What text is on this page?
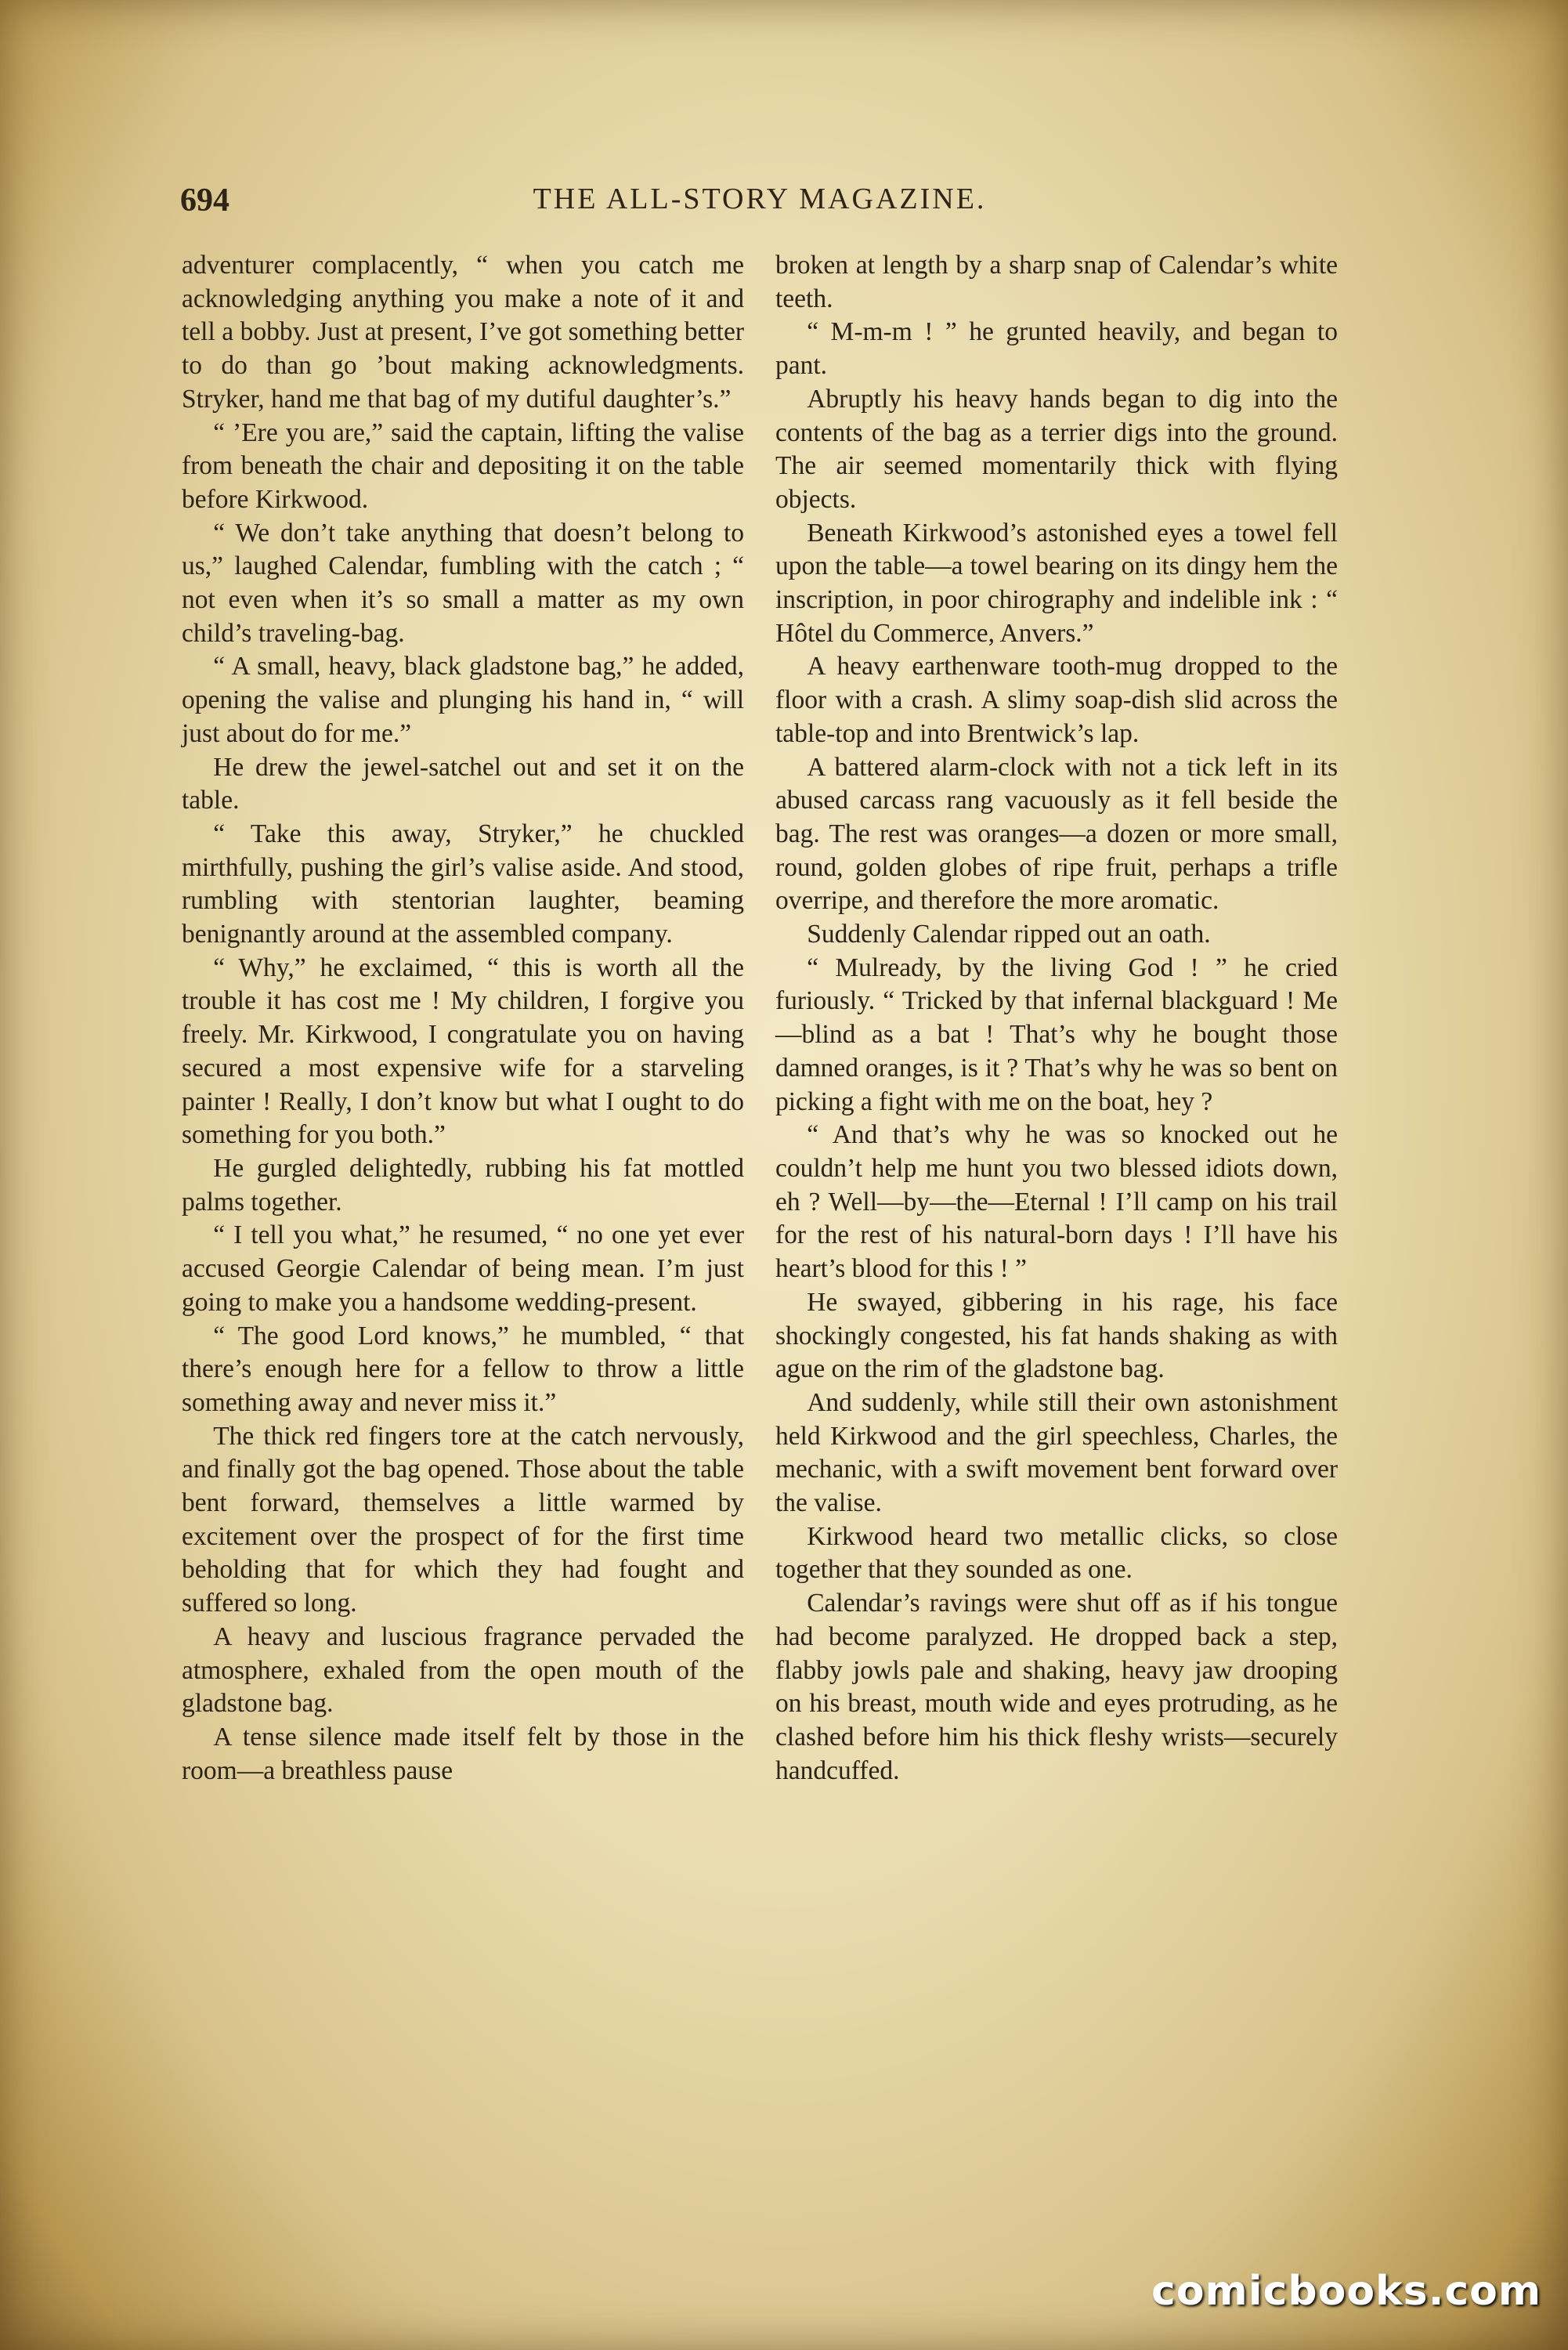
694	THE ALL-STORY MAGAZINE.

adventurer complacently, “ when you catch me acknowledging anything you make a note of it and tell a bobby. Just at present, I’ve got something better to do than go ’bout making acknowledgments. Stryker, hand me that bag of my dutiful daughter’s.”

“ ’Ere you are,” said the captain, lifting the valise from beneath the chair and depositing it on the table before Kirkwood.

“ We don’t take anything that doesn’t belong to us,” laughed Calendar, fumbling with the catch ; “ not even when it’s so small a matter as my own child’s traveling-bag.

“ A small, heavy, black gladstone bag,” he added, opening the valise and plunging his hand in, “ will just about do for me.”

He drew the jewel-satchel out and set it on the table.

“ Take this away, Stryker,” he chuckled mirthfully, pushing the girl’s valise aside. And stood, rumbling with stentorian laughter, beaming benignantly around at the assembled company.

“ Why,” he exclaimed, “ this is worth all the trouble it has cost me ! My children, I forgive you freely. Mr. Kirkwood, I congratulate you on having secured a most expensive wife for a starveling painter ! Really, I don’t know but what I ought to do something for you both.”

He gurgled delightedly, rubbing his fat mottled palms together.

“ I tell you what,” he resumed, “ no one yet ever accused Georgie Calendar of being mean. I’m just going to make you a handsome wedding-present.

“ The good Lord knows,” he mumbled, “ that there’s enough here for a fellow to throw a little something away and never miss it.”

The thick red fingers tore at the catch nervously, and finally got the bag opened. Those about the table bent forward, themselves a little warmed by excitement over the prospect of for the first time beholding that for which they had fought and suffered so long.

A heavy and luscious fragrance pervaded the atmosphere, exhaled from the open mouth of the gladstone bag.

A tense silence made itself felt by those in the room—a breathless pause

broken at length by a sharp snap of Calendar’s white teeth.

“ M-m-m ! ” he grunted heavily, and began to pant.

Abruptly his heavy hands began to dig into the contents of the bag as a terrier digs into the ground. The air seemed momentarily thick with flying objects.

Beneath Kirkwood’s astonished eyes a towel fell upon the table—a towel bearing on its dingy hem the inscription, in poor chirography and indelible ink : “ Hôtel du Commerce, Anvers.”

A heavy earthenware tooth-mug dropped to the floor with a crash. A slimy soap-dish slid across the table-top and into Brentwick’s lap.

A battered alarm-clock with not a tick left in its abused carcass rang vacuously as it fell beside the bag. The rest was oranges—a dozen or more small, round, golden globes of ripe fruit, perhaps a trifle overripe, and therefore the more aromatic.

Suddenly Calendar ripped out an oath.

“ Mulready, by the living God ! ” he cried furiously. “ Tricked by that infernal blackguard ! Me—blind as a bat ! That’s why he bought those damned oranges, is it ? That’s why he was so bent on picking a fight with me on the boat, hey ?

“ And that’s why he was so knocked out he couldn’t help me hunt you two blessed idiots down, eh ? Well—by—the—Eternal ! I’ll camp on his trail for the rest of his natural-born days ! I’ll have his heart’s blood for this ! ”

He swayed, gibbering in his rage, his face shockingly congested, his fat hands shaking as with ague on the rim of the gladstone bag.

And suddenly, while still their own astonishment held Kirkwood and the girl speechless, Charles, the mechanic, with a swift movement bent forward over the valise.

Kirkwood heard two metallic clicks, so close together that they sounded as one.

Calendar’s ravings were shut off as if his tongue had become paralyzed. He dropped back a step, flabby jowls pale and shaking, heavy jaw drooping on his breast, mouth wide and eyes protruding, as he clashed before him his thick fleshy wrists—securely handcuffed.

comicbooks.com
